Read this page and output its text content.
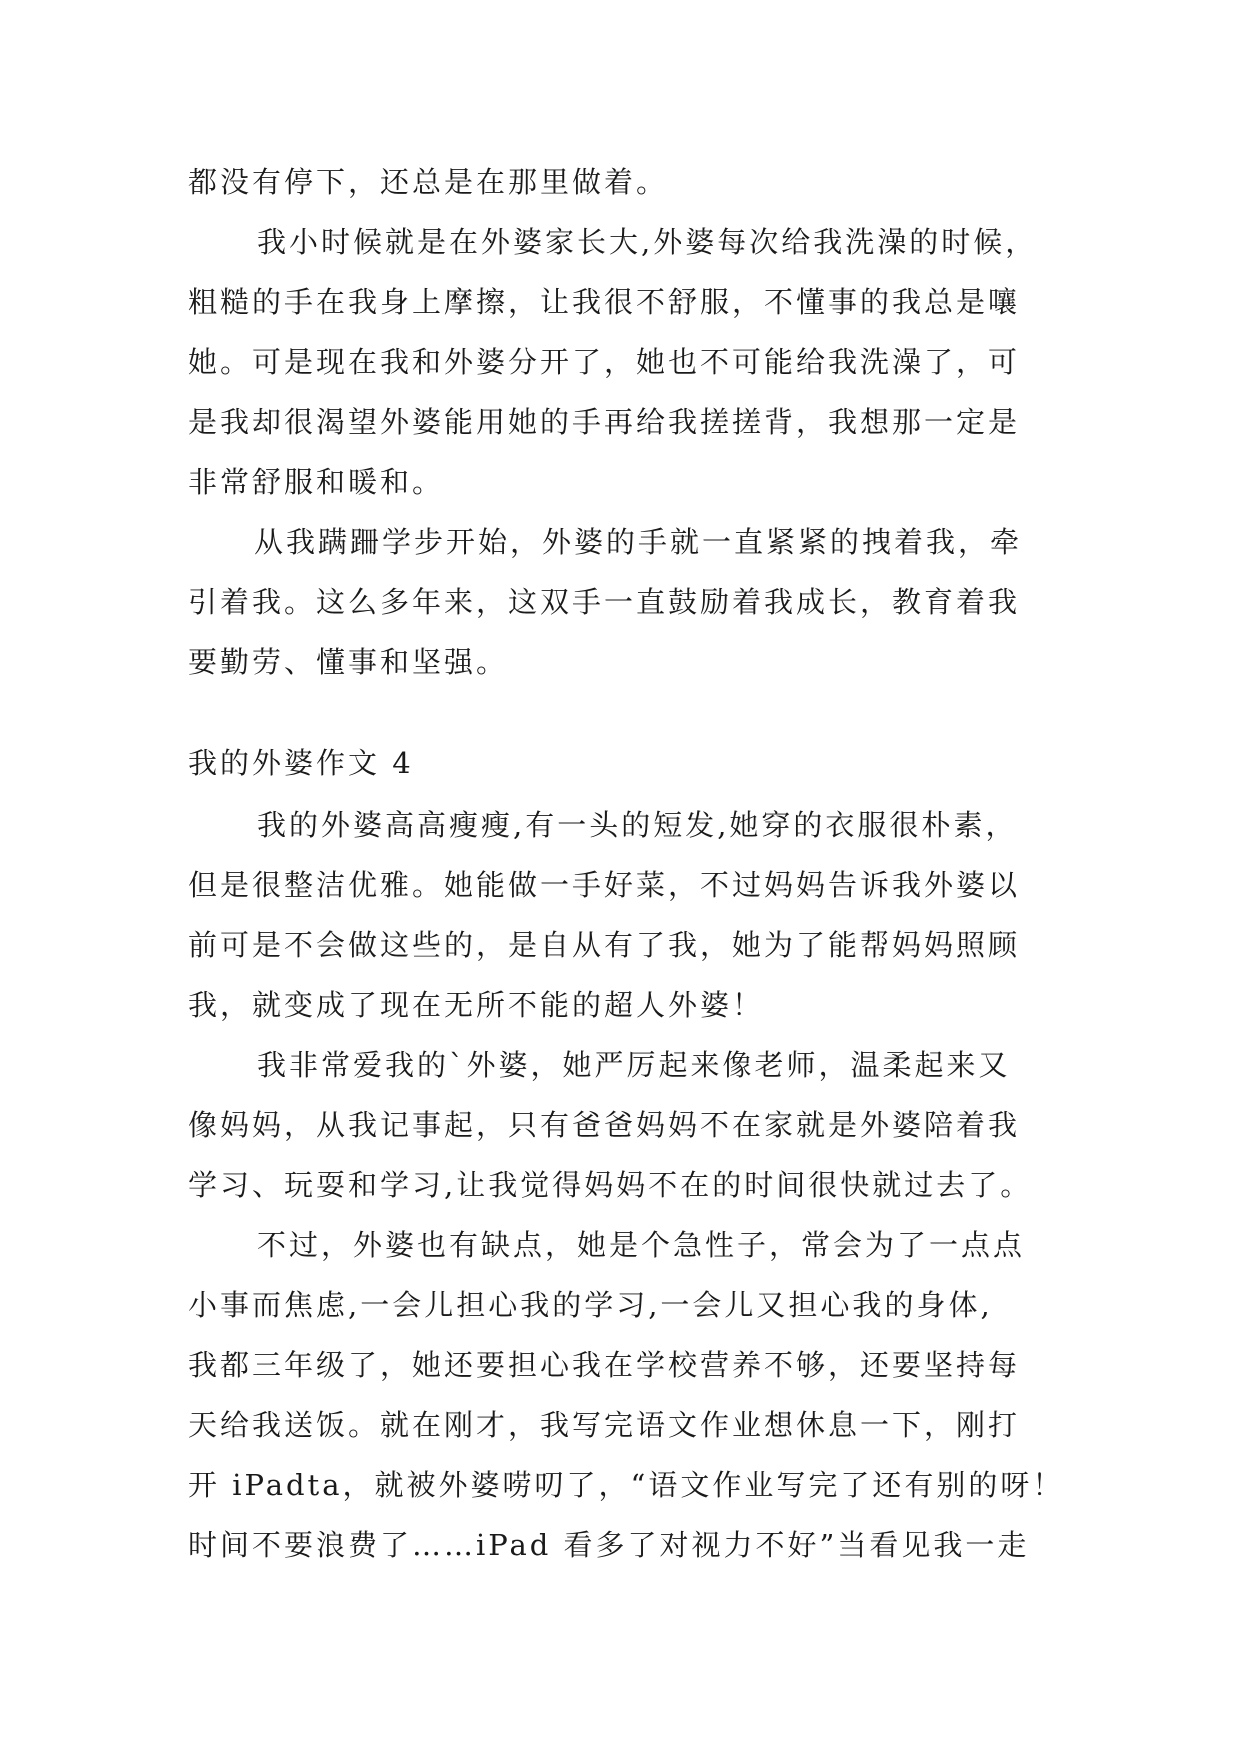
都没有停下，还总是在那里做着。
我小时候就是在外婆家长大,外婆每次给我洗澡的时候，
粗糙的手在我身上摩擦，让我很不舒服，不懂事的我总是嚷
她。可是现在我和外婆分开了，她也不可能给我洗澡了，可
是我却很渴望外婆能用她的手再给我搓搓背，我想那一定是
非常舒服和暖和。
从我蹒跚学步开始，外婆的手就一直紧紧的拽着我，牵
引着我。这么多年来，这双手一直鼓励着我成长，教育着我
要勤劳、懂事和坚强。
我的外婆作文 4
我的外婆高高瘦瘦,有一头的短发,她穿的衣服很朴素，
但是很整洁优雅。她能做一手好菜，不过妈妈告诉我外婆以
前可是不会做这些的，是自从有了我，她为了能帮妈妈照顾
我，就变成了现在无所不能的超人外婆！
我非常爱我的`外婆，她严厉起来像老师，温柔起来又
像妈妈，从我记事起，只有爸爸妈妈不在家就是外婆陪着我
学习、玩耍和学习,让我觉得妈妈不在的时间很快就过去了。
不过，外婆也有缺点，她是个急性子，常会为了一点点
小事而焦虑,一会儿担心我的学习,一会儿又担心我的身体,
我都三年级了，她还要担心我在学校营养不够，还要坚持每
天给我送饭。就在刚才，我写完语文作业想休息一下，刚打
开 iPadta，就被外婆唠叨了，“语文作业写完了还有别的呀！
时间不要浪费了……iPad 看多了对视力不好”当看见我一走
